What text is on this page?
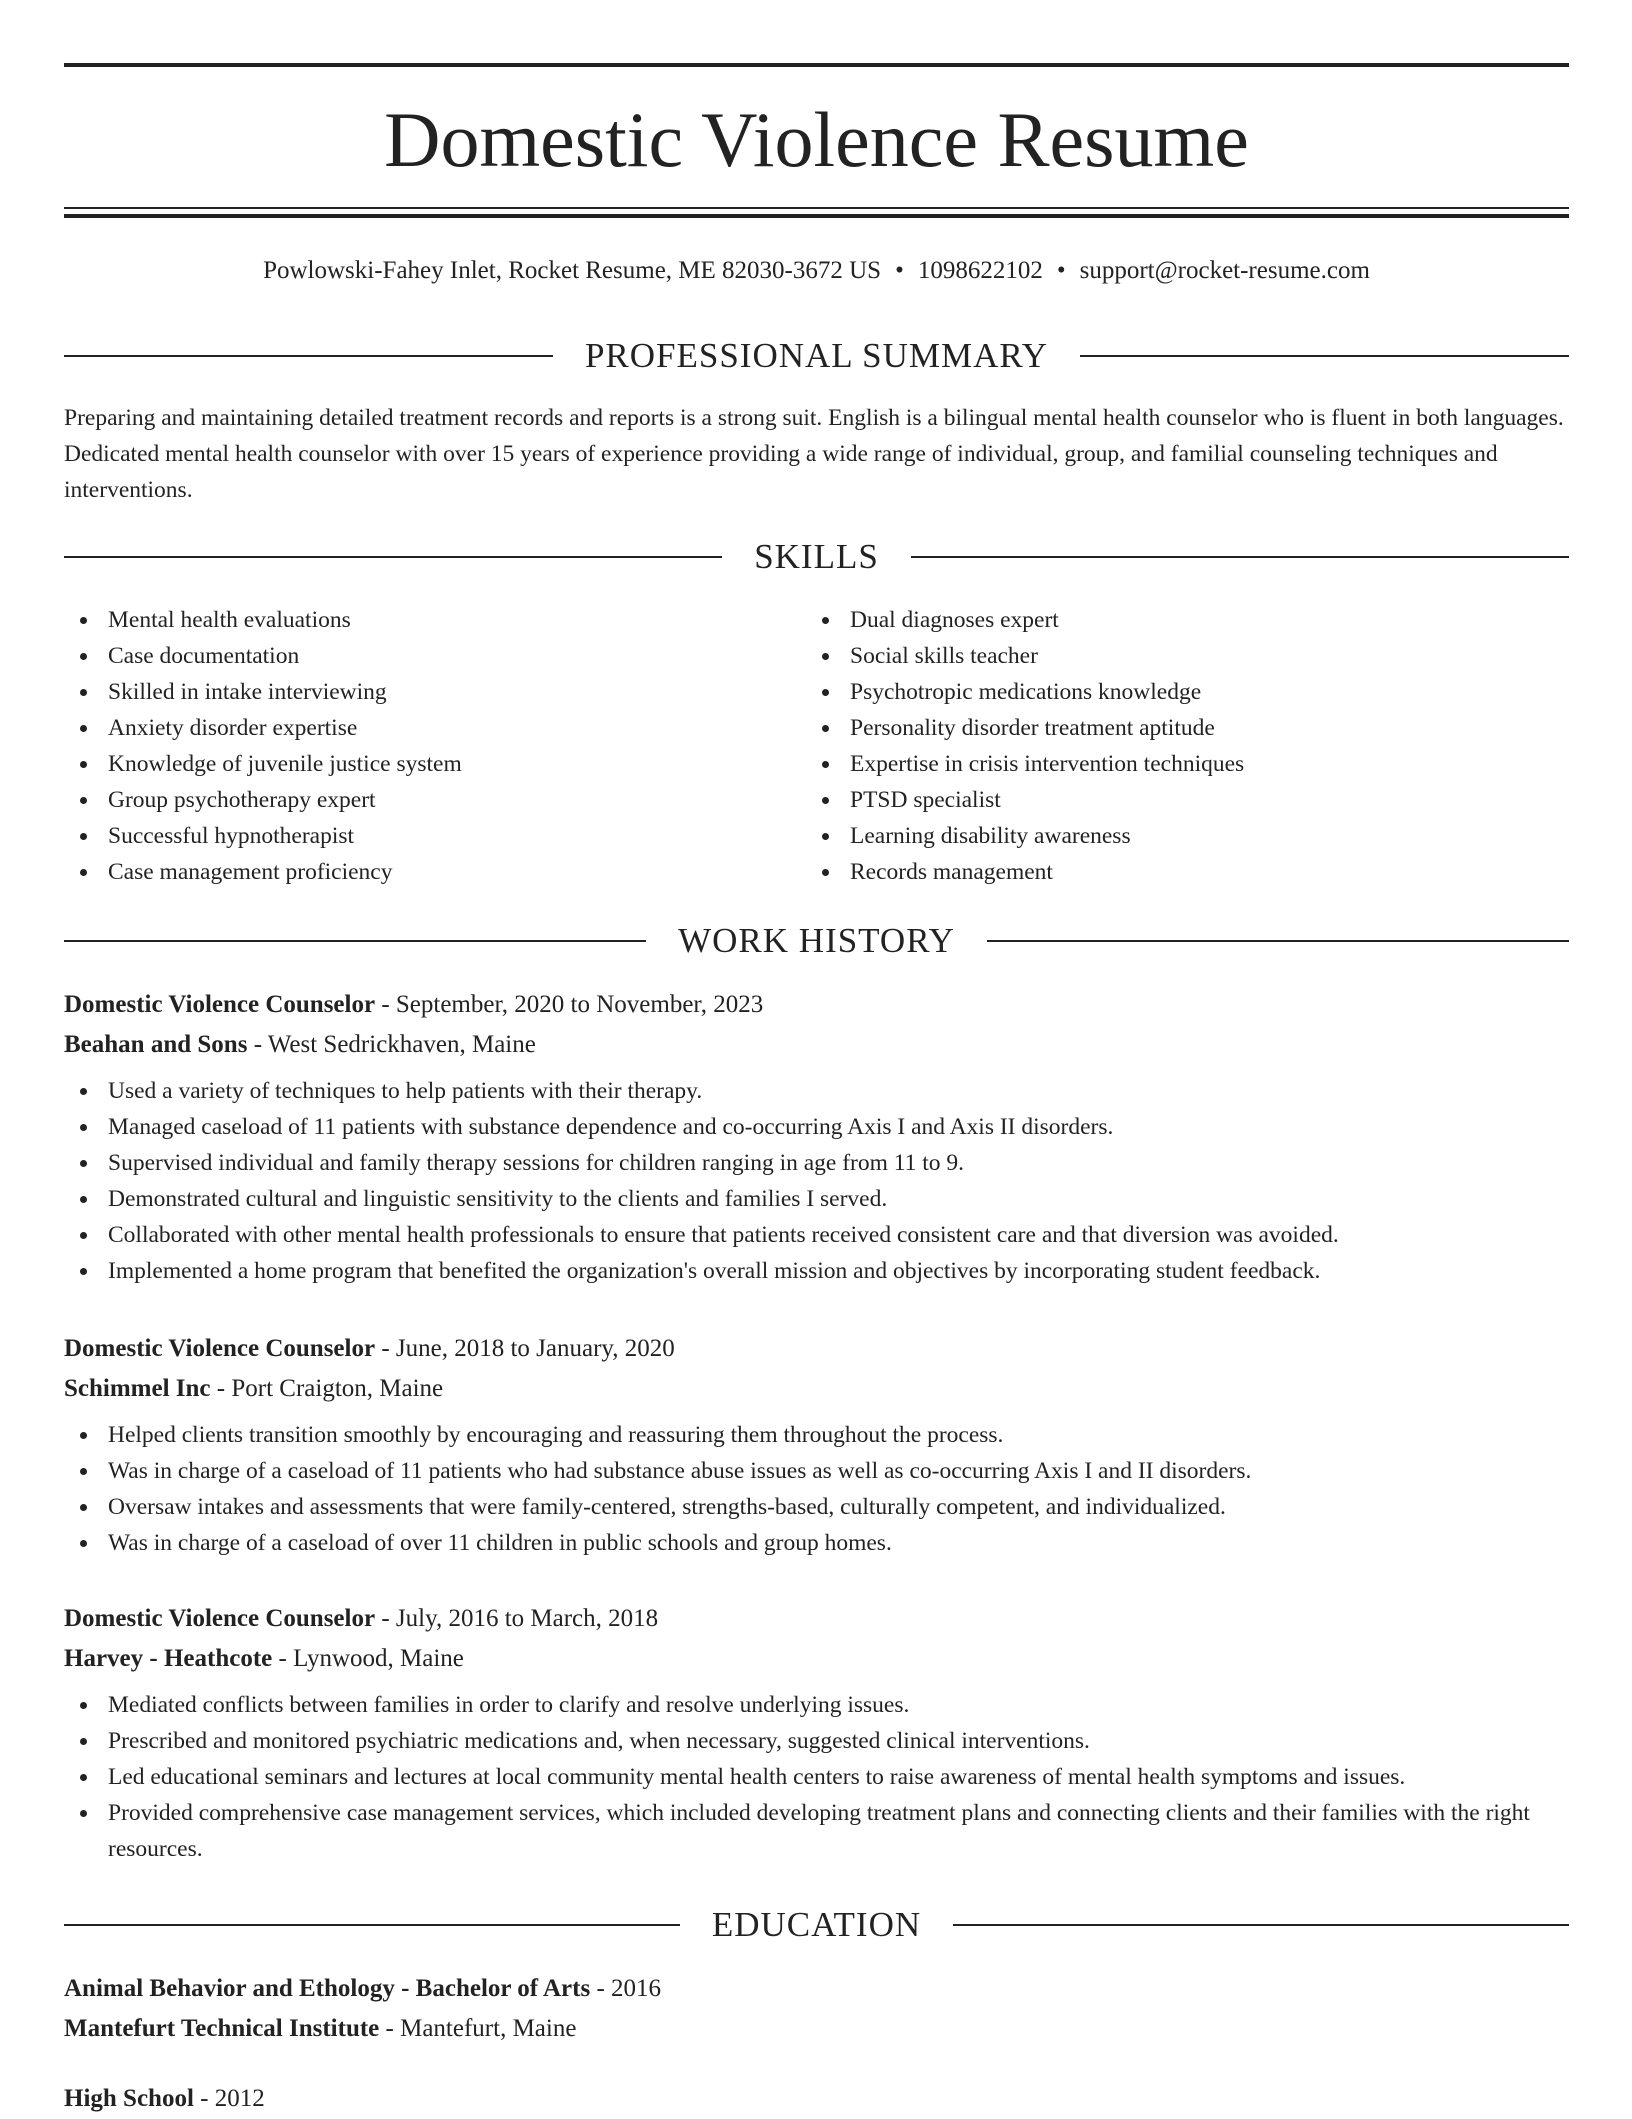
Domestic Violence Resume
Powlowski-Fahey Inlet, Rocket Resume, ME 82030-3672 US • 1098622102 • support@rocket-resume.com
PROFESSIONAL SUMMARY
Preparing and maintaining detailed treatment records and reports is a strong suit. English is a bilingual mental health counselor who is fluent in both languages. Dedicated mental health counselor with over 15 years of experience providing a wide range of individual, group, and familial counseling techniques and interventions.
SKILLS
Mental health evaluations
Case documentation
Skilled in intake interviewing
Anxiety disorder expertise
Knowledge of juvenile justice system
Group psychotherapy expert
Successful hypnotherapist
Case management proficiency
Dual diagnoses expert
Social skills teacher
Psychotropic medications knowledge
Personality disorder treatment aptitude
Expertise in crisis intervention techniques
PTSD specialist
Learning disability awareness
Records management
WORK HISTORY
Domestic Violence Counselor - September, 2020 to November, 2023
Beahan and Sons - West Sedrickhaven, Maine
Used a variety of techniques to help patients with their therapy.
Managed caseload of 11 patients with substance dependence and co-occurring Axis I and Axis II disorders.
Supervised individual and family therapy sessions for children ranging in age from 11 to 9.
Demonstrated cultural and linguistic sensitivity to the clients and families I served.
Collaborated with other mental health professionals to ensure that patients received consistent care and that diversion was avoided.
Implemented a home program that benefited the organization's overall mission and objectives by incorporating student feedback.
Domestic Violence Counselor - June, 2018 to January, 2020
Schimmel Inc - Port Craigton, Maine
Helped clients transition smoothly by encouraging and reassuring them throughout the process.
Was in charge of a caseload of 11 patients who had substance abuse issues as well as co-occurring Axis I and II disorders.
Oversaw intakes and assessments that were family-centered, strengths-based, culturally competent, and individualized.
Was in charge of a caseload of over 11 children in public schools and group homes.
Domestic Violence Counselor - July, 2016 to March, 2018
Harvey - Heathcote - Lynwood, Maine
Mediated conflicts between families in order to clarify and resolve underlying issues.
Prescribed and monitored psychiatric medications and, when necessary, suggested clinical interventions.
Led educational seminars and lectures at local community mental health centers to raise awareness of mental health symptoms and issues.
Provided comprehensive case management services, which included developing treatment plans and connecting clients and their families with the right resources.
EDUCATION
Animal Behavior and Ethology - Bachelor of Arts - 2016
Mantefurt Technical Institute - Mantefurt, Maine
High School - 2012
